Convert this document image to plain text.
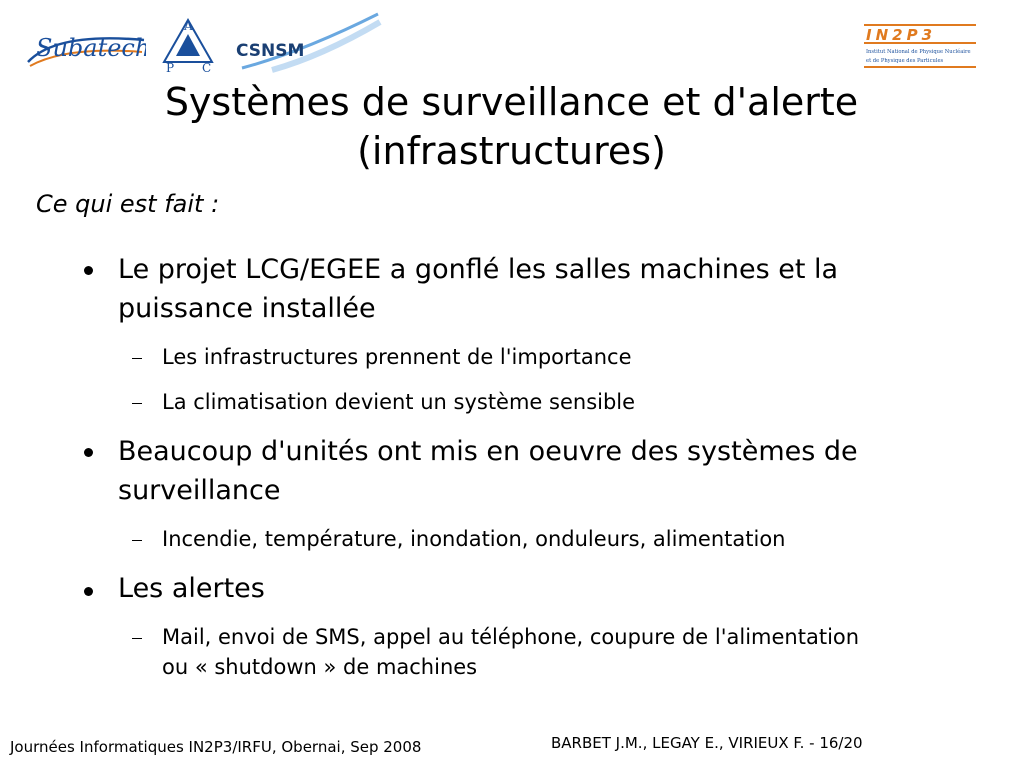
Subatech
A
P C
CSNSM
IN2P3
Institut National de Physique Nucléaire
et de Physique des Particules
Systèmes de surveillance et d'alerte
(infrastructures)
Ce qui est fait :
Le projet LCG/EGEE a gonflé les salles machines et la
puissance installée
Les infrastructures prennent de l'importance
La climatisation devient un système sensible
Beaucoup d'unités ont mis en oeuvre des systèmes de
surveillance
Incendie, température, inondation, onduleurs, alimentation
Les alertes
Mail, envoi de SMS, appel au téléphone, coupure de l'alimentation
ou « shutdown » de machines
Journées Informatiques IN2P3/IRFU, Obernai, Sep 2008	BARBET J.M., LEGAY E., VIRIEUX F. - 16/20
